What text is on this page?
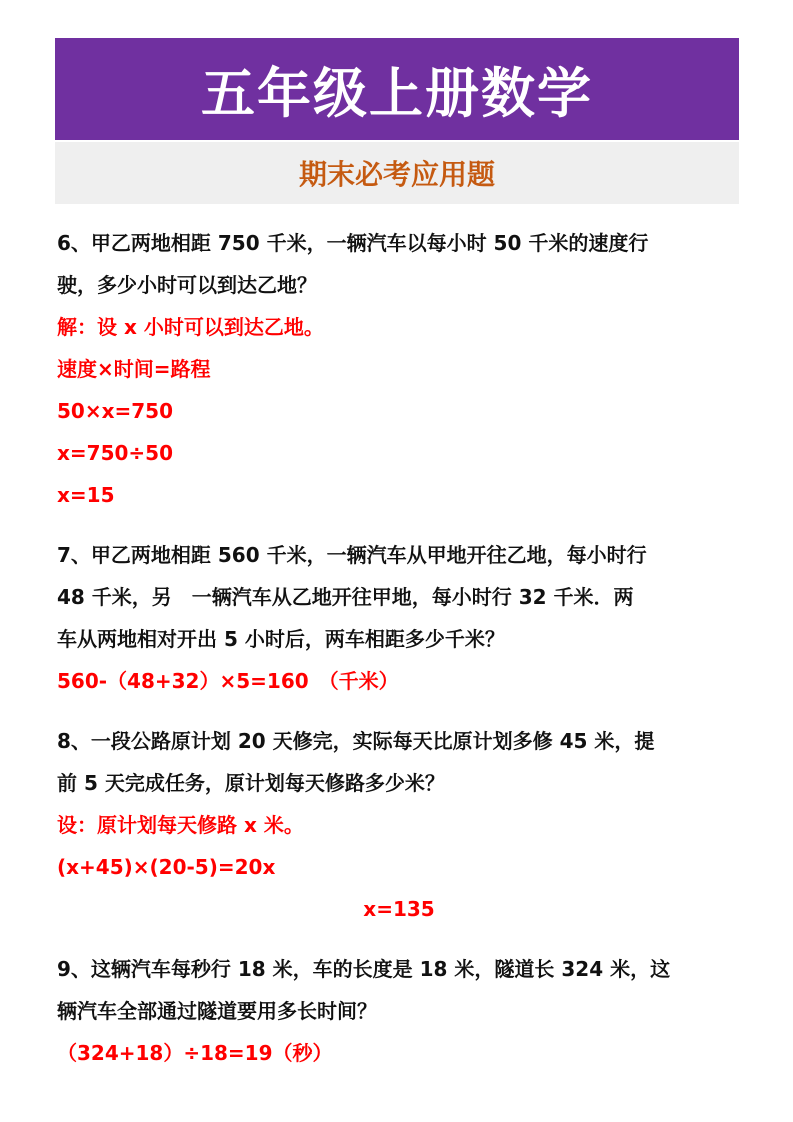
五年级上册数学
期末必考应用题
6、甲乙两地相距 750 千米，一辆汽车以每小时 50 千米的速度行
驶，多少小时可以到达乙地？
解：设 x 小时可以到达乙地。
速度×时间=路程
50×x=750
x=750÷50
x=15
7、甲乙两地相距 560 千米，一辆汽车从甲地开往乙地，每小时行
48 千米，另　一辆汽车从乙地开往甲地，每小时行 32 千米．两
车从两地相对开出 5 小时后，两车相距多少千米？
560-（48+32）×5=160　（千米）
8、一段公路原计划 20 天修完，实际每天比原计划多修 45 米，提
前 5 天完成任务，原计划每天修路多少米？
设：原计划每天修路 x 米。
(x+45)×(20-5)=20x
x=135
9、这辆汽车每秒行 18 米，车的长度是 18 米，隧道长 324 米，这
辆汽车全部通过隧道要用多长时间？
（324+18）÷18=19（秒）
